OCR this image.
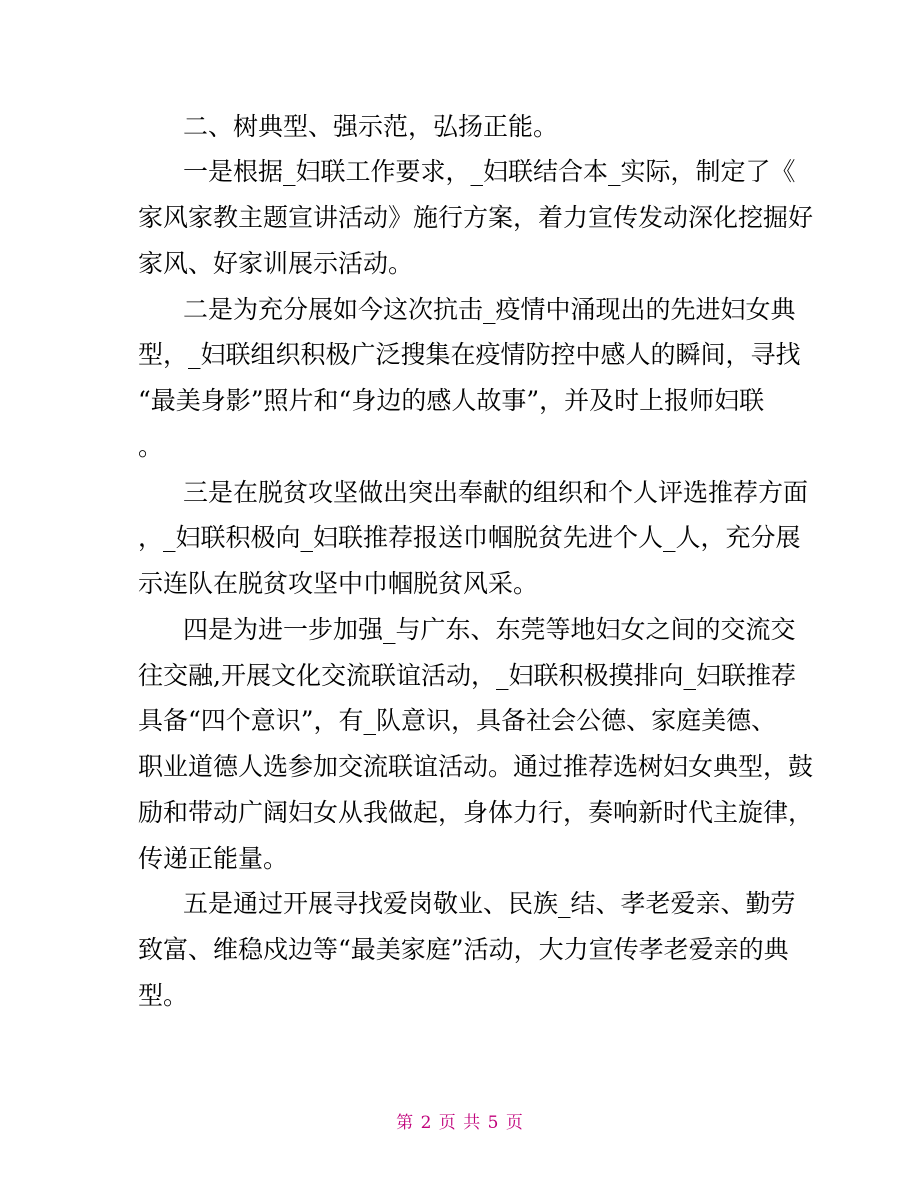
二、树典型、强示范，弘扬正能。
一是根据_妇联工作要求，_妇联结合本_实际，制定了《
家风家教主题宣讲活动》施行方案，着力宣传发动深化挖掘好
家风、好家训展示活动。
二是为充分展如今这次抗击_疫情中涌现出的先进妇女典
型，_妇联组织积极广泛搜集在疫情防控中感人的瞬间，寻找
“最美身影”照片和“身边的感人故事”，并及时上报师妇联
。
三是在脱贫攻坚做出突出奉献的组织和个人评选推荐方面
，_妇联积极向_妇联推荐报送巾帼脱贫先进个人_人，充分展
示连队在脱贫攻坚中巾帼脱贫风采。
四是为进一步加强_与广东、东莞等地妇女之间的交流交
往交融,开展文化交流联谊活动，_妇联积极摸排向_妇联推荐
具备“四个意识”，有_队意识，具备社会公德、家庭美德、
职业道德人选参加交流联谊活动。通过推荐选树妇女典型，鼓
励和带动广阔妇女从我做起，身体力行，奏响新时代主旋律，
传递正能量。
五是通过开展寻找爱岗敬业、民族_结、孝老爱亲、勤劳
致富、维稳戍边等“最美家庭”活动，大力宣传孝老爱亲的典
型。
第 2 页 共 5 页
